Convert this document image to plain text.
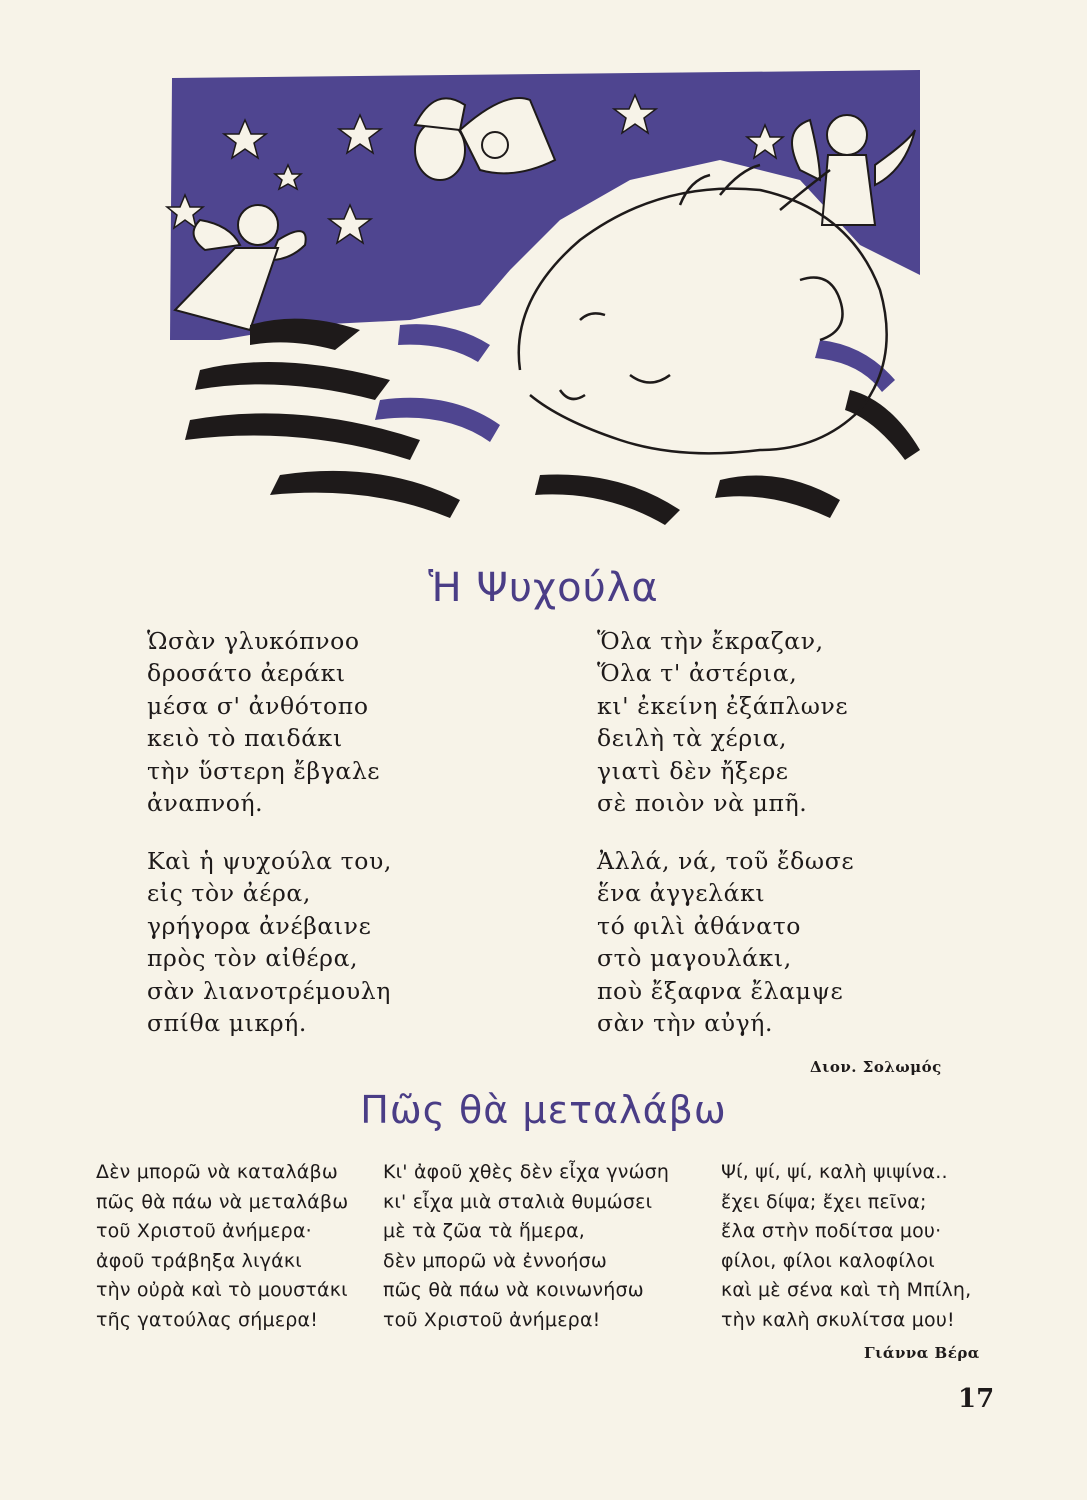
Ἡ Ψυχούλα
Ὡσὰν γλυκόπνοο
δροσάτο ἀεράκι
μέσα σ' ἀνθότοπο
κειὸ τὸ παιδάκι
τὴν ὕστερη ἔβγαλε
ἀναπνοή.
Καὶ ἡ ψυχούλα του,
εἰς τὸν ἀέρα,
γρήγορα ἀνέβαινε
πρὸς τὸν αἰθέρα,
σὰν λιανοτρέμουλη
σπίθα μικρή.
Ὅλα τὴν ἔκραζαν,
Ὅλα τ' ἀστέρια,
κι' ἐκείνη ἐξάπλωνε
δειλὴ τὰ χέρια,
γιατὶ δὲν ἤξερε
σὲ ποιὸν νὰ μπῆ.
Ἀλλά, νά, τοῦ ἔδωσε
ἕνα ἀγγελάκι
τό φιλὶ ἀθάνατο
στὸ μαγουλάκι,
ποὺ ἔξαφνα ἔλαμψε
σὰν τὴν αὐγή.
Διον. Σολωμός
Πῶς θὰ μεταλάβω
Δὲν μπορῶ νὰ καταλάβω
πῶς θὰ πάω νὰ μεταλάβω
τοῦ Χριστοῦ ἀνήμερα·
ἀφοῦ τράβηξα λιγάκι
τὴν οὐρὰ καὶ τὸ μουστάκι
τῆς γατούλας σήμερα!
Κι' ἀφοῦ χθὲς δὲν εἶχα γνώση
κι' εἶχα μιὰ σταλιὰ θυμώσει
μὲ τὰ ζῶα τὰ ἥμερα,
δὲν μπορῶ νὰ ἐννοήσω
πῶς θὰ πάω νὰ κοινωνήσω
τοῦ Χριστοῦ ἀνήμερα!
Ψί, ψί, ψί, καλὴ ψιψίνα..
ἔχει δίψα; ἔχει πεῖνα;
ἔλα στὴν ποδίτσα μου·
φίλοι, φίλοι καλοφίλοι
καὶ μὲ σένα καὶ τὴ Μπίλη,
τὴν καλὴ σκυλίτσα μου!
Γιάννα Βέρα
17
